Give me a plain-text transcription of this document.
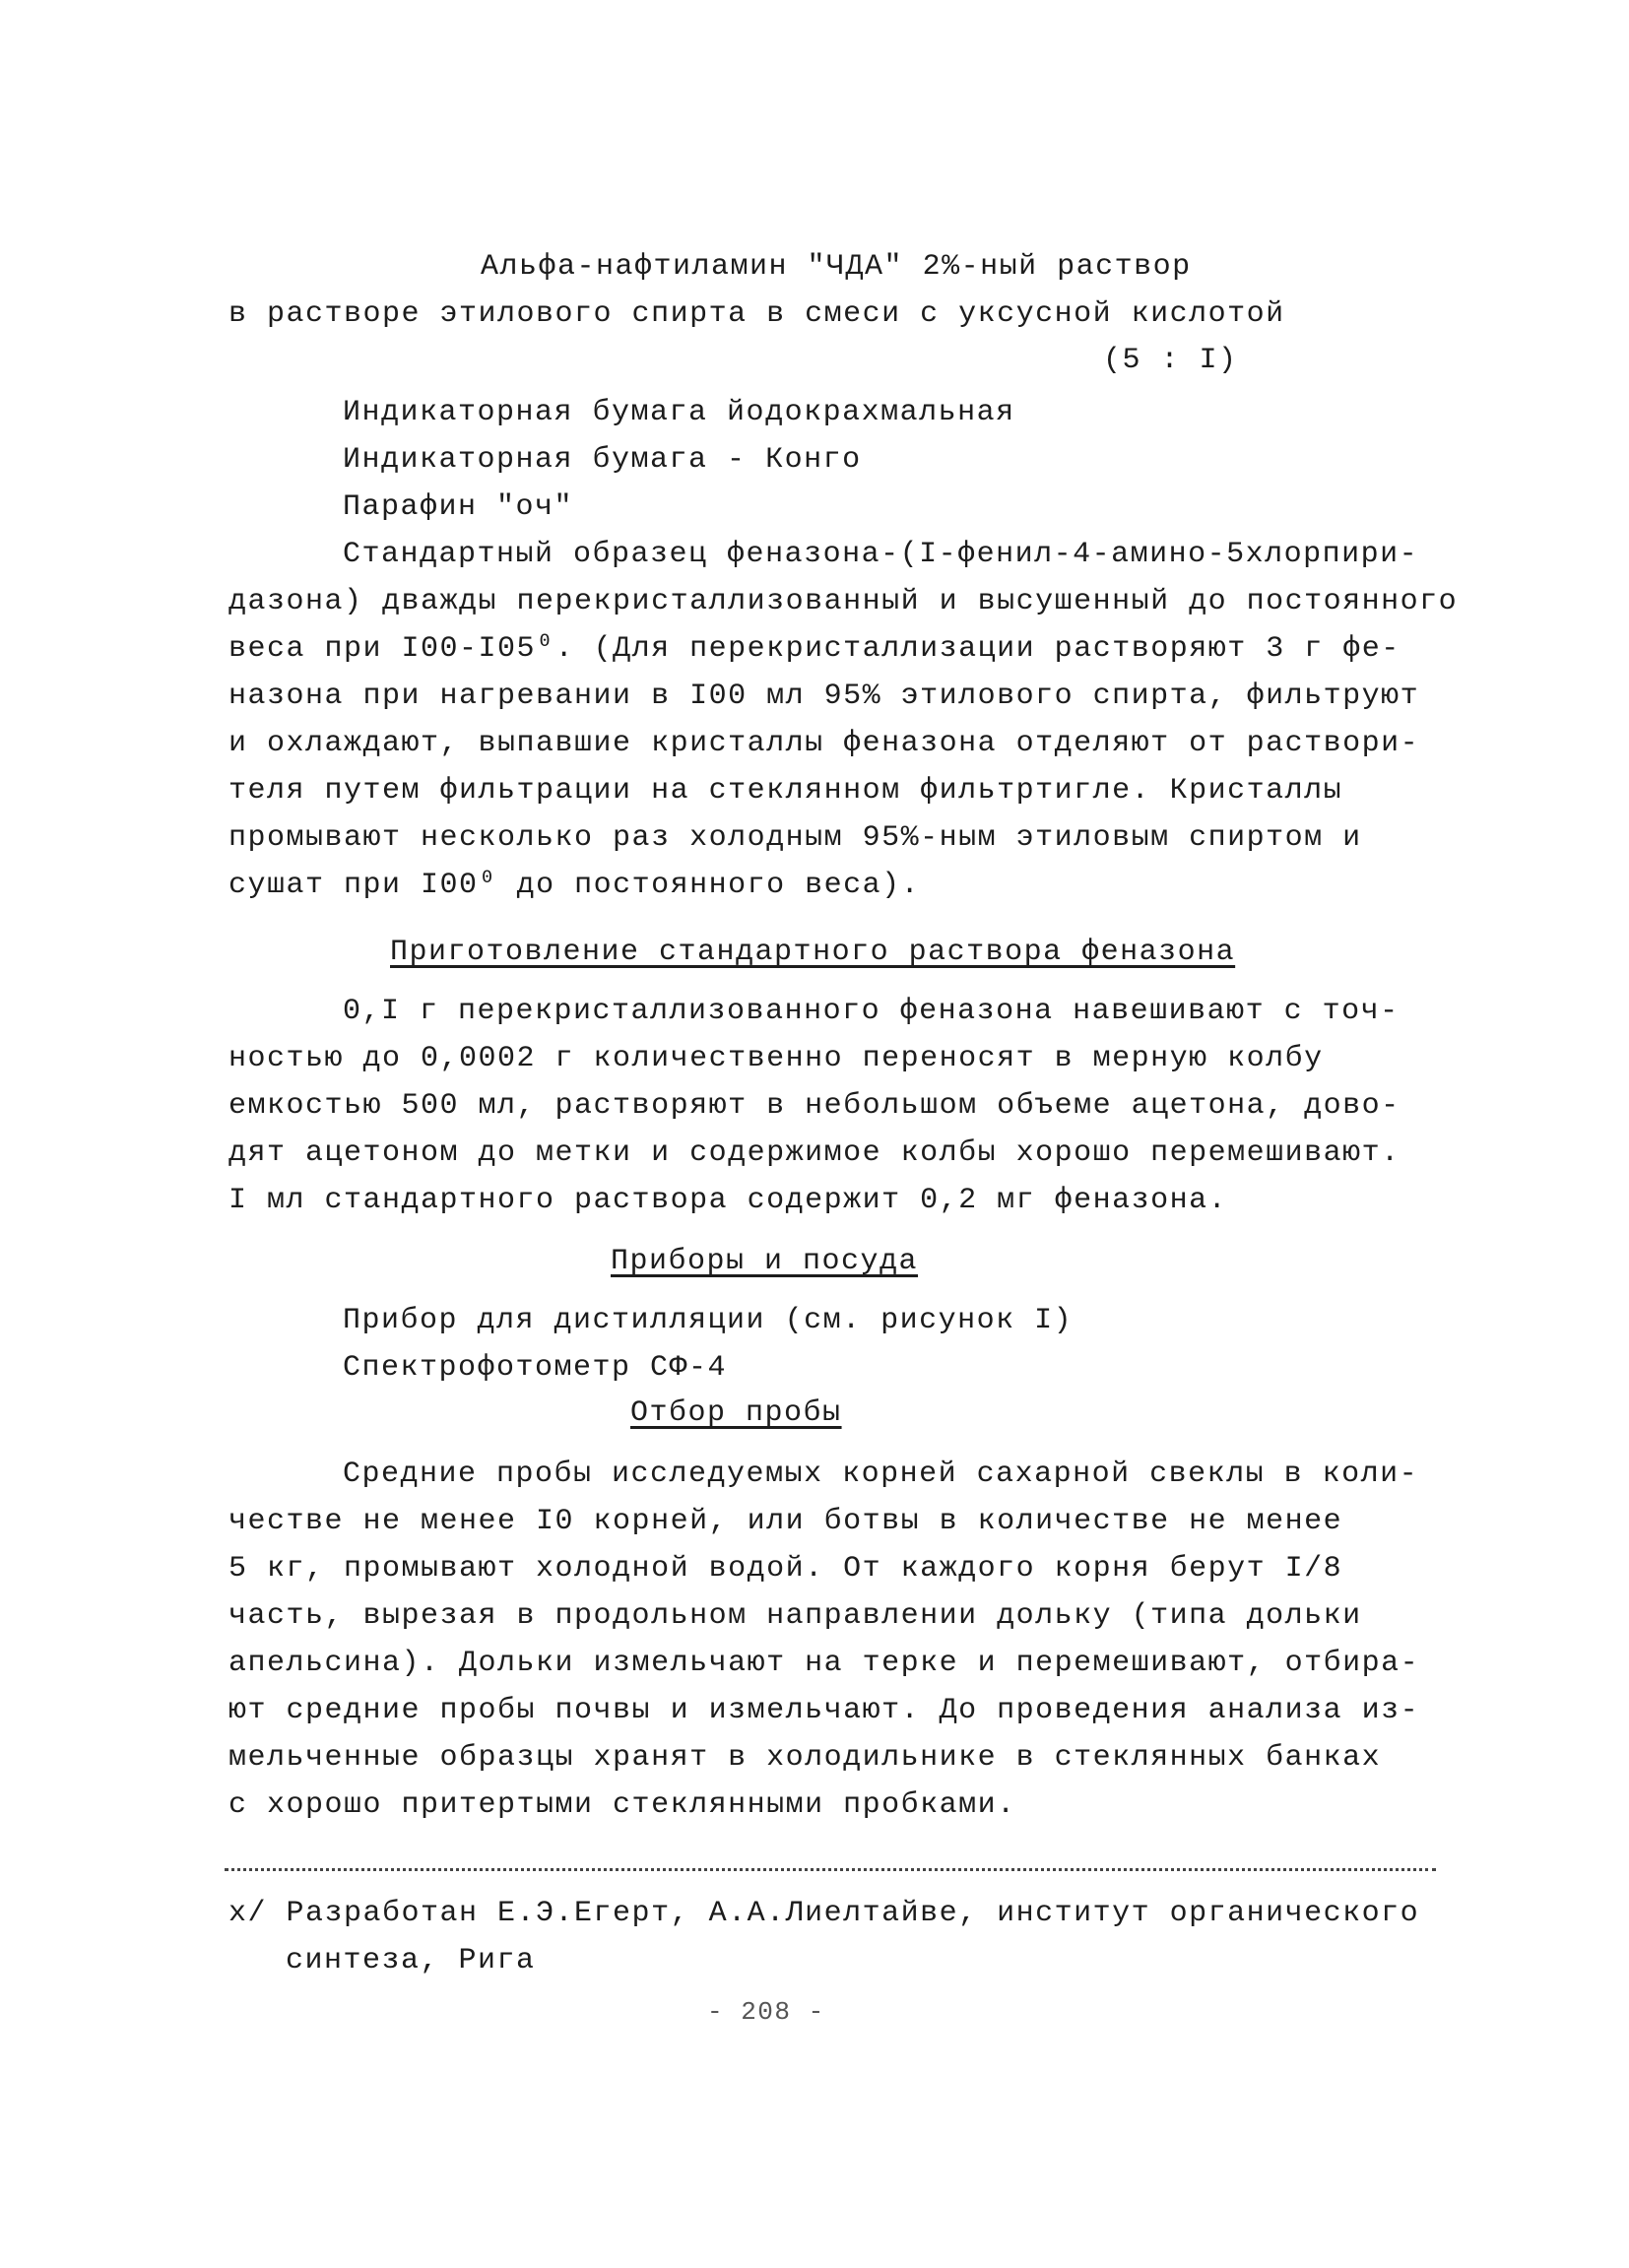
Альфа-нафтиламин "ЧДА" 2%-ный раствор
в растворе этилового спирта в смеси с уксусной кислотой
(5 : I)
Индикаторная бумага йодокрахмальная
Индикаторная бумага - Конго
Парафин "оч"
Стандартный образец феназона-(I-фенил-4-амино-5хлорпири-
дазона) дважды перекристаллизованный и высушенный до постоянного
веса при I00-I05⁰. (Для перекристаллизации растворяют 3 г фе-
назона при нагревании в I00 мл 95% этилового спирта, фильтруют
и охлаждают, выпавшие кристаллы феназона отделяют от раствори-
теля путем фильтрации на стеклянном фильтртигле. Кристаллы
промывают несколько раз холодным 95%-ным этиловым спиртом и
сушат при I00⁰ до постоянного веса).
Приготовление стандартного раствора феназона
0,I г перекристаллизованного феназона навешивают с точ-
ностью до 0,0002 г количественно переносят в мерную колбу
емкостью 500 мл, растворяют в небольшом объеме ацетона, дово-
дят ацетоном до метки и содержимое колбы хорошо перемешивают.
I мл стандартного раствора содержит 0,2 мг феназона.
Приборы и посуда
Прибор для дистилляции (см. рисунок I)
Спектрофотометр СФ-4
Отбор пробы
Средние пробы исследуемых корней сахарной свеклы в коли-
честве не менее I0 корней, или ботвы в количестве не менее
5 кг, промывают холодной водой. От каждого корня берут I/8
часть, вырезая в продольном направлении дольку (типа дольки
апельсина). Дольки измельчают на терке и перемешивают, отбира-
ют средние пробы почвы и измельчают. До проведения анализа из-
мельченные образцы хранят в холодильнике в стеклянных банках
с хорошо притертыми стеклянными пробками.
х/ Разработан Е.Э.Егерт, А.А.Лиелтайве, институт органического
синтеза, Рига
- 208 -
